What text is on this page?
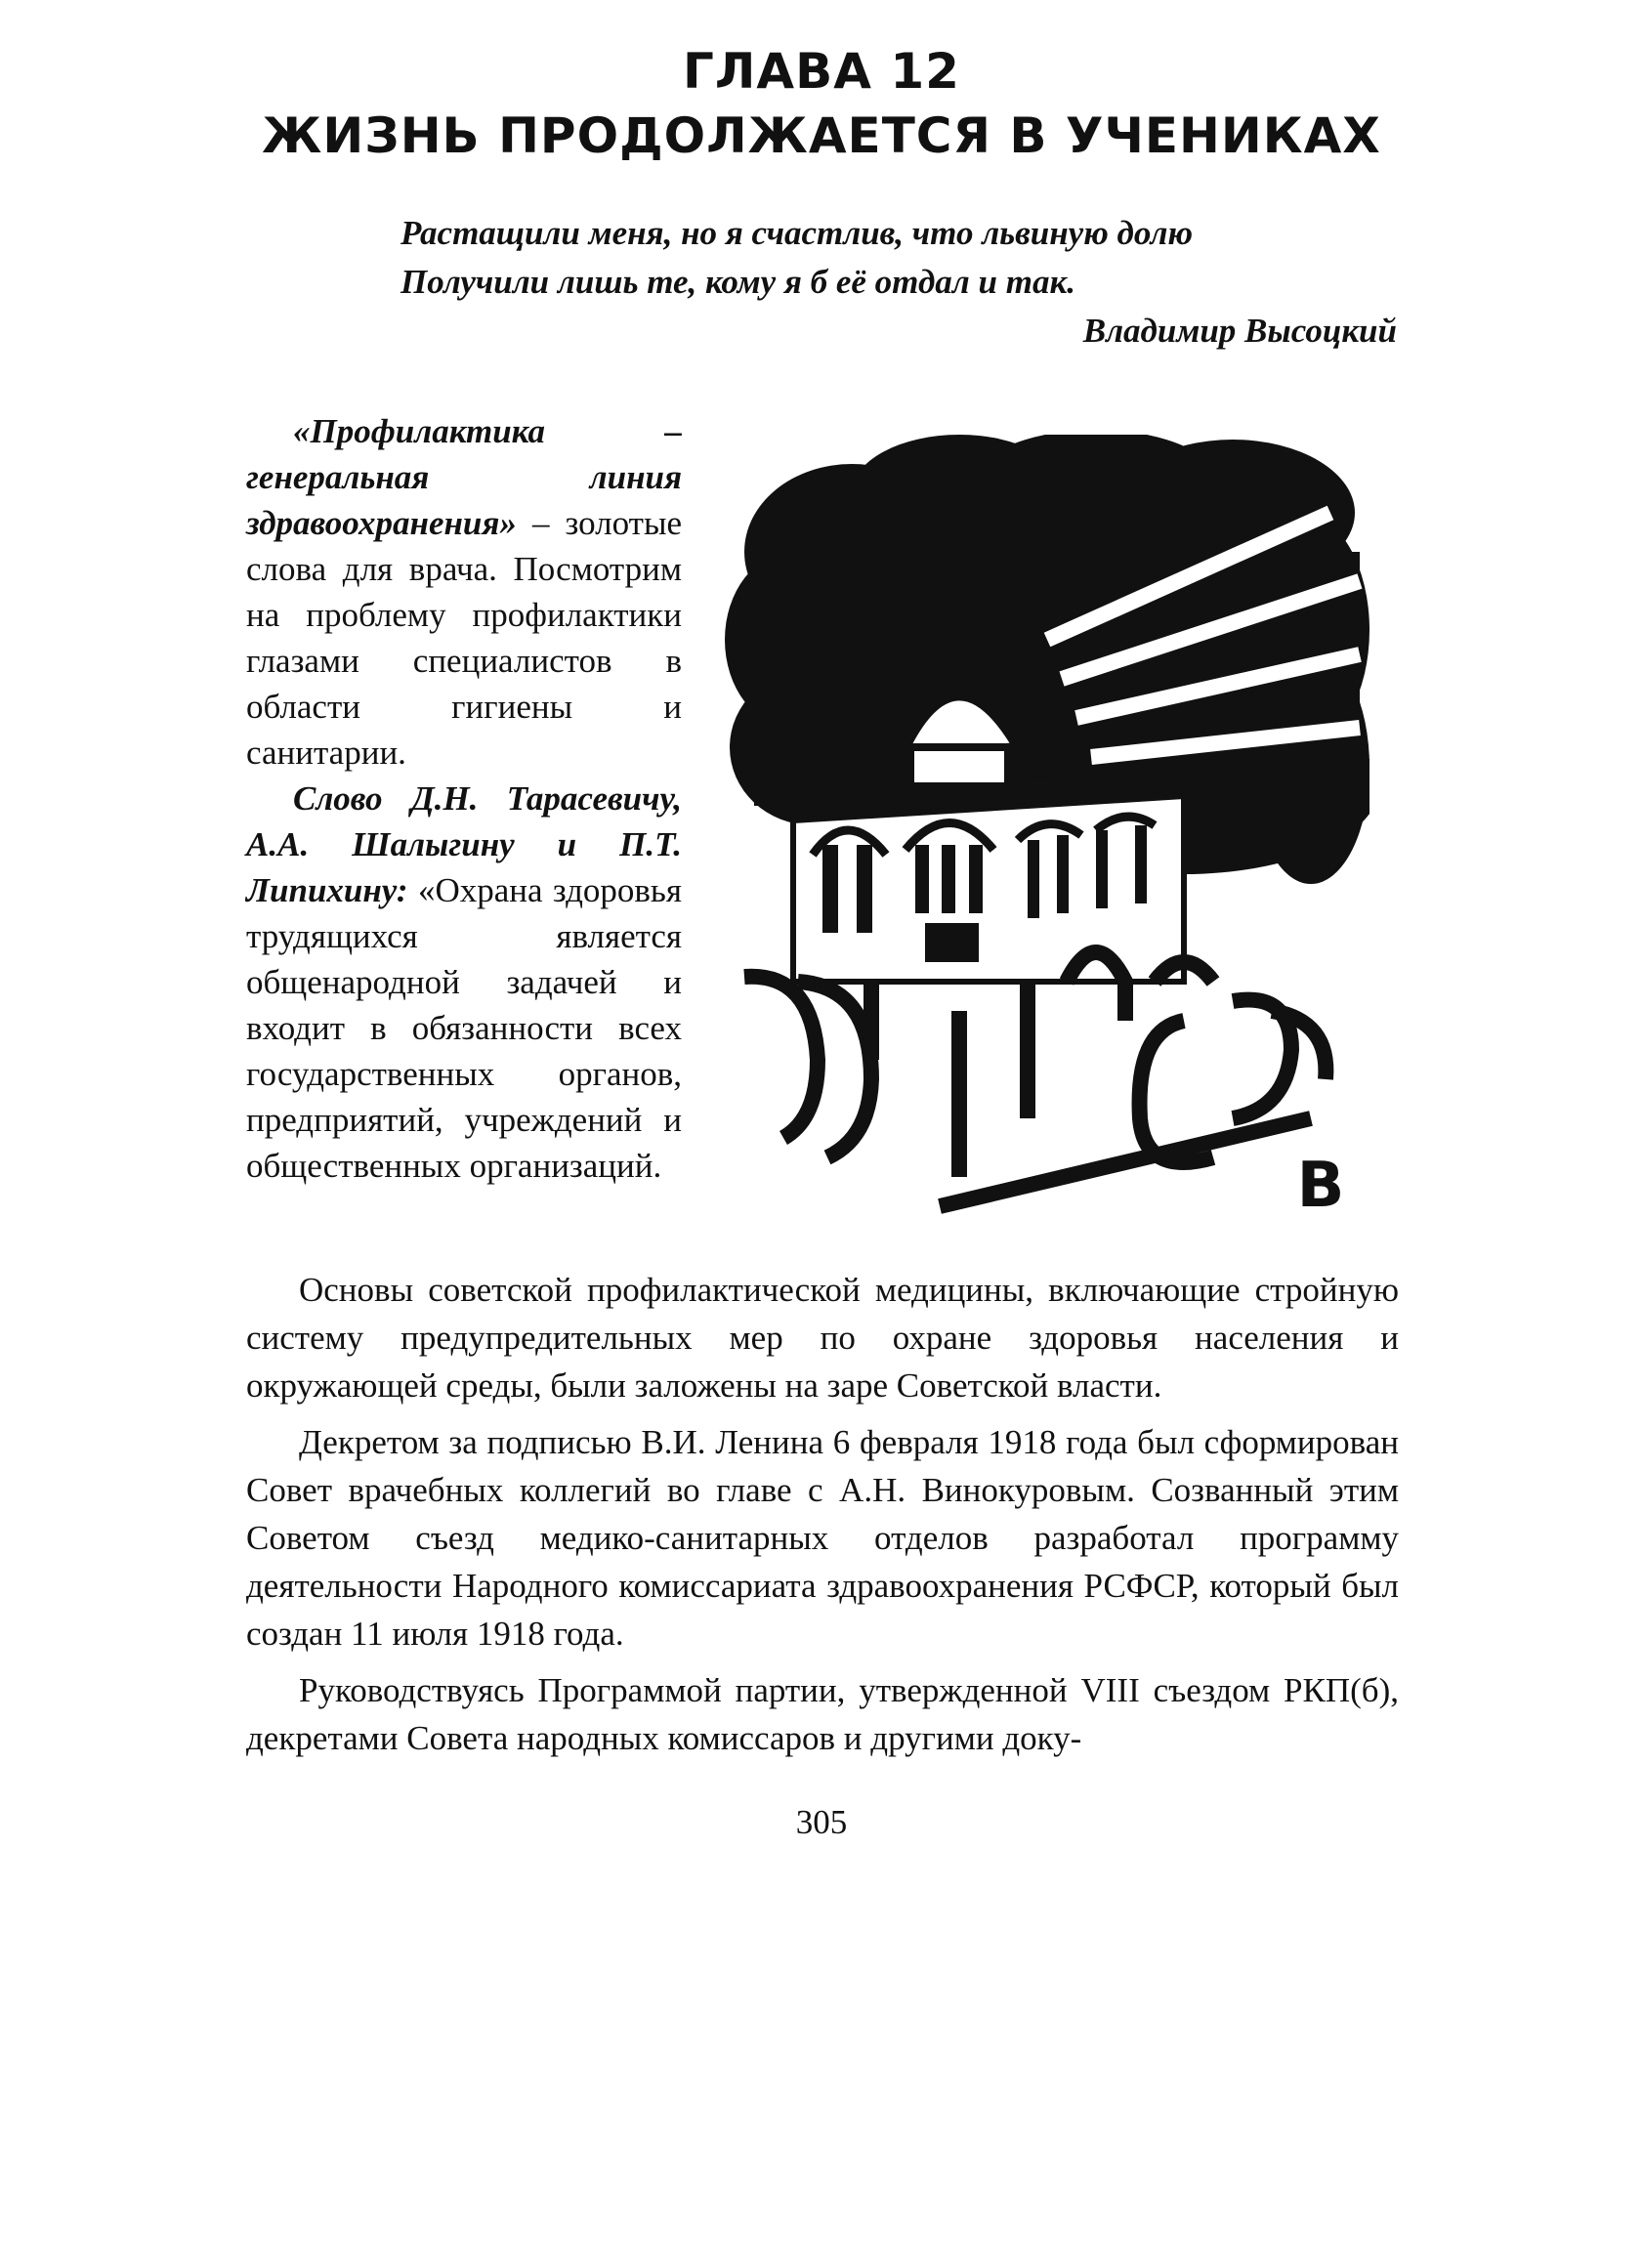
ГЛАВА 12
ЖИЗНЬ ПРОДОЛЖАЕТСЯ В УЧЕНИКАХ
Растащили меня, но я счастлив, что львиную долю
Получили лишь те, кому я б её отдал и так.
Владимир Высоцкий

«Профилактика – генеральная линия здравоохранения» – золотые слова для врача. Посмотрим на проблему профилактики глазами специалистов в области гигиены и санитарии.

Слово Д.Н. Тарасевичу, А.А. Шалыгину и П.Т. Липихину: «Охрана здоровья трудящихся является общенародной задачей и входит в обязанности всех государственных органов, предприятий, учреждений и общественных организаций.	В

Основы советской профилактической медицины, включающие стройную систему предупредительных мер по охране здоровья населения и окружающей среды, были заложены на заре Советской власти.

Декретом за подписью В.И. Ленина 6 февраля 1918 года был сформирован Совет врачебных коллегий во главе с А.Н. Винокуровым. Созванный этим Советом съезд медико-санитарных отделов разработал программу деятельности Народного комиссариата здравоохранения РСФСР, который был создан 11 июля 1918 года.

Руководствуясь Программой партии, утвержденной VIII съездом РКП(б), декретами Совета народных комиссаров и другими доку-

305
